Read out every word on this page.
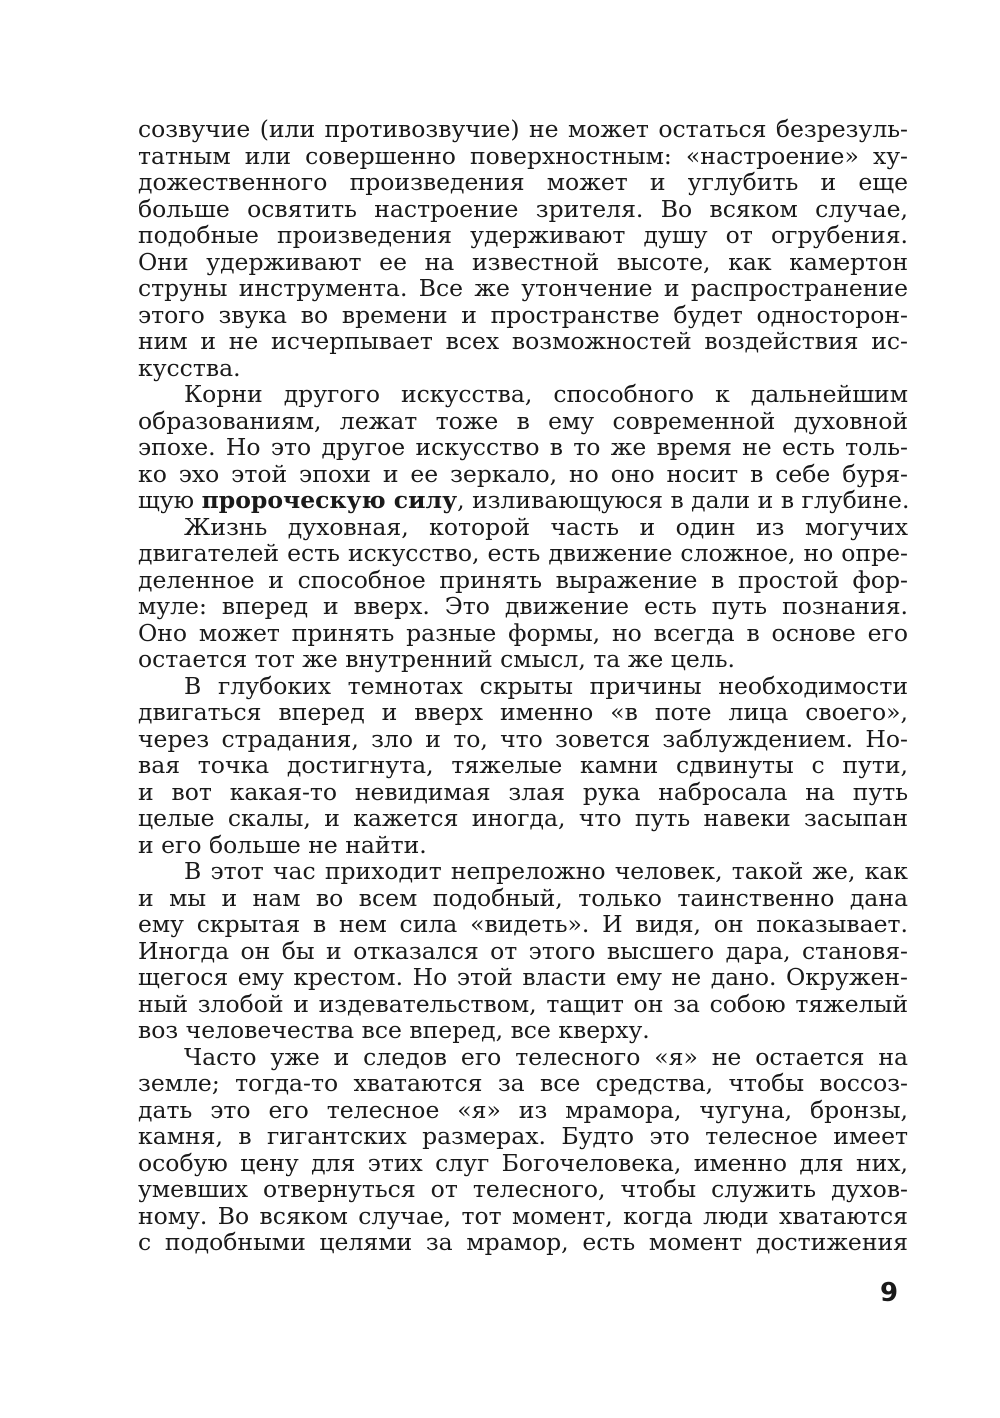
созвучие (или противозвучие) не может остаться безрезуль-
татным или совершенно поверхностным: «настроение» ху-
дожественного произведения может и углубить и еще
больше освятить настроение зрителя. Во всяком случае,
подобные произведения удерживают душу от огрубения.
Они удерживают ее на известной высоте, как камертон
струны инструмента. Все же утончение и распространение
этого звука во времени и пространстве будет односторон-
ним и не исчерпывает всех возможностей воздействия ис-
кусства.
Корни другого искусства, способного к дальнейшим
образованиям, лежат тоже в ему современной духовной
эпохе. Но это другое искусство в то же время не есть толь-
ко эхо этой эпохи и ее зеркало, но оно носит в себе буря-
щую пророческую силу, изливающуюся в дали и в глубине.
Жизнь духовная, которой часть и один из могучих
двигателей есть искусство, есть движение сложное, но опре-
деленное и способное принять выражение в простой фор-
муле: вперед и вверх. Это движение есть путь познания.
Оно может принять разные формы, но всегда в основе его
остается тот же внутренний смысл, та же цель.
В глубоких темнотах скрыты причины необходимости
двигаться вперед и вверх именно «в поте лица своего»,
через страдания, зло и то, что зовется заблуждением. Но-
вая точка достигнута, тяжелые камни сдвинуты с пути,
и вот какая-то невидимая злая рука набросала на путь
целые скалы, и кажется иногда, что путь навеки засыпан
и его больше не найти.
В этот час приходит непреложно человек, такой же, как
и мы и нам во всем подобный, только таинственно дана
ему скрытая в нем сила «видеть». И видя, он показывает.
Иногда он бы и отказался от этого высшего дара, становя-
щегося ему крестом. Но этой власти ему не дано. Окружен-
ный злобой и издевательством, тащит он за собою тяжелый
воз человечества все вперед, все кверху.
Часто уже и следов его телесного «я» не остается на
земле; тогда-то хватаются за все средства, чтобы воссоз-
дать это его телесное «я» из мрамора, чугуна, бронзы,
камня, в гигантских размерах. Будто это телесное имеет
особую цену для этих слуг Богочеловека, именно для них,
умевших отвернуться от телесного, чтобы служить духов-
ному. Во всяком случае, тот момент, когда люди хватаются
с подобными целями за мрамор, есть момент достижения
9
